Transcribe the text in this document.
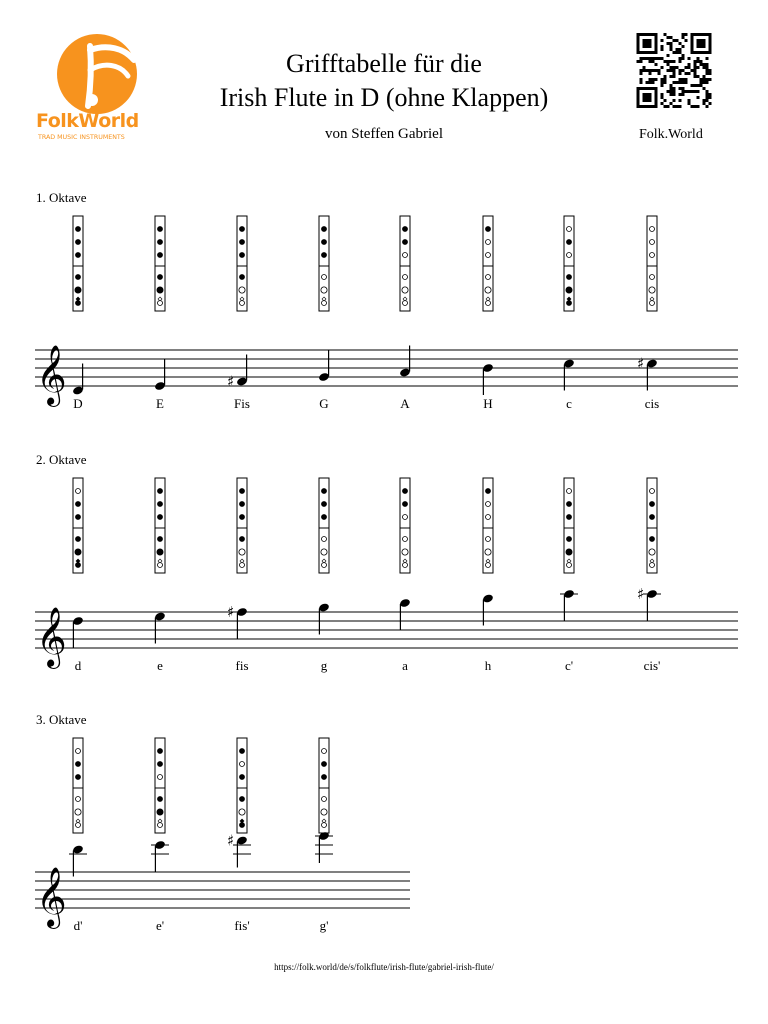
FolkWorld
TRAD MUSIC INSTRUMENTS
Grifftabelle für die
Irish Flute in D (ohne Klappen)
von Steffen Gabriel	Folk.World
1. Oktave
2. Oktave
3. Oktave
𝄞 D	E
♯
Fis	G	A	H	c
♯
cis
𝄞 d	e
♯
fis	g	a	h	c'
♯
cis'
𝄞 d'	e'
♯
fis'	g'
https://folk.world/de/s/folkflute/irish-flute/gabriel-irish-flute/
